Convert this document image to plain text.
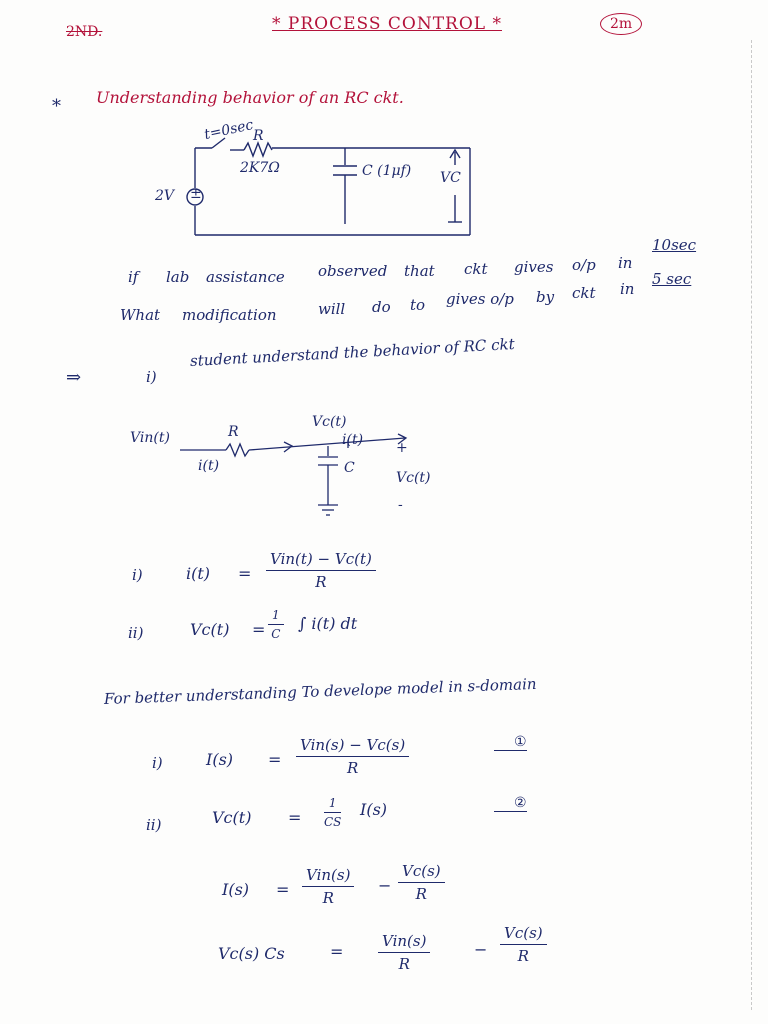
2ND.	* PROCESS CONTROL *	2m
* Understanding behavior of an RC ckt.
t=0sec
R
2K7Ω	C (1μf)
2V ±
VC
if lab assistance observed that ckt gives o/p in
10sec
What modification	will do to gives o/p by ckt in
5 sec
⇒	i)
student understand the behavior of RC ckt
Vin(t)	R
i(t)
Vc(t)
i(t) +
C
Vc(t)
-
i)	i(t) =
Vin(t) − Vc(t)
R
ii)	$Vc(t) = \frac{1}{C}$ ∫ i(t) dt
For better understanding To develope model in s-domain
i)	I(s) =
Vin(s) − Vc(s)
R
①
ii)	$Vc(t) = \frac{1}{CS} I(s)$	②
I(s) =
Vin(s)
R
− $\frac{Vc(s)}{R}$
Vc(s) Cs	=
Vin(s)
R
− $\frac{Vc(s)}{R}$
